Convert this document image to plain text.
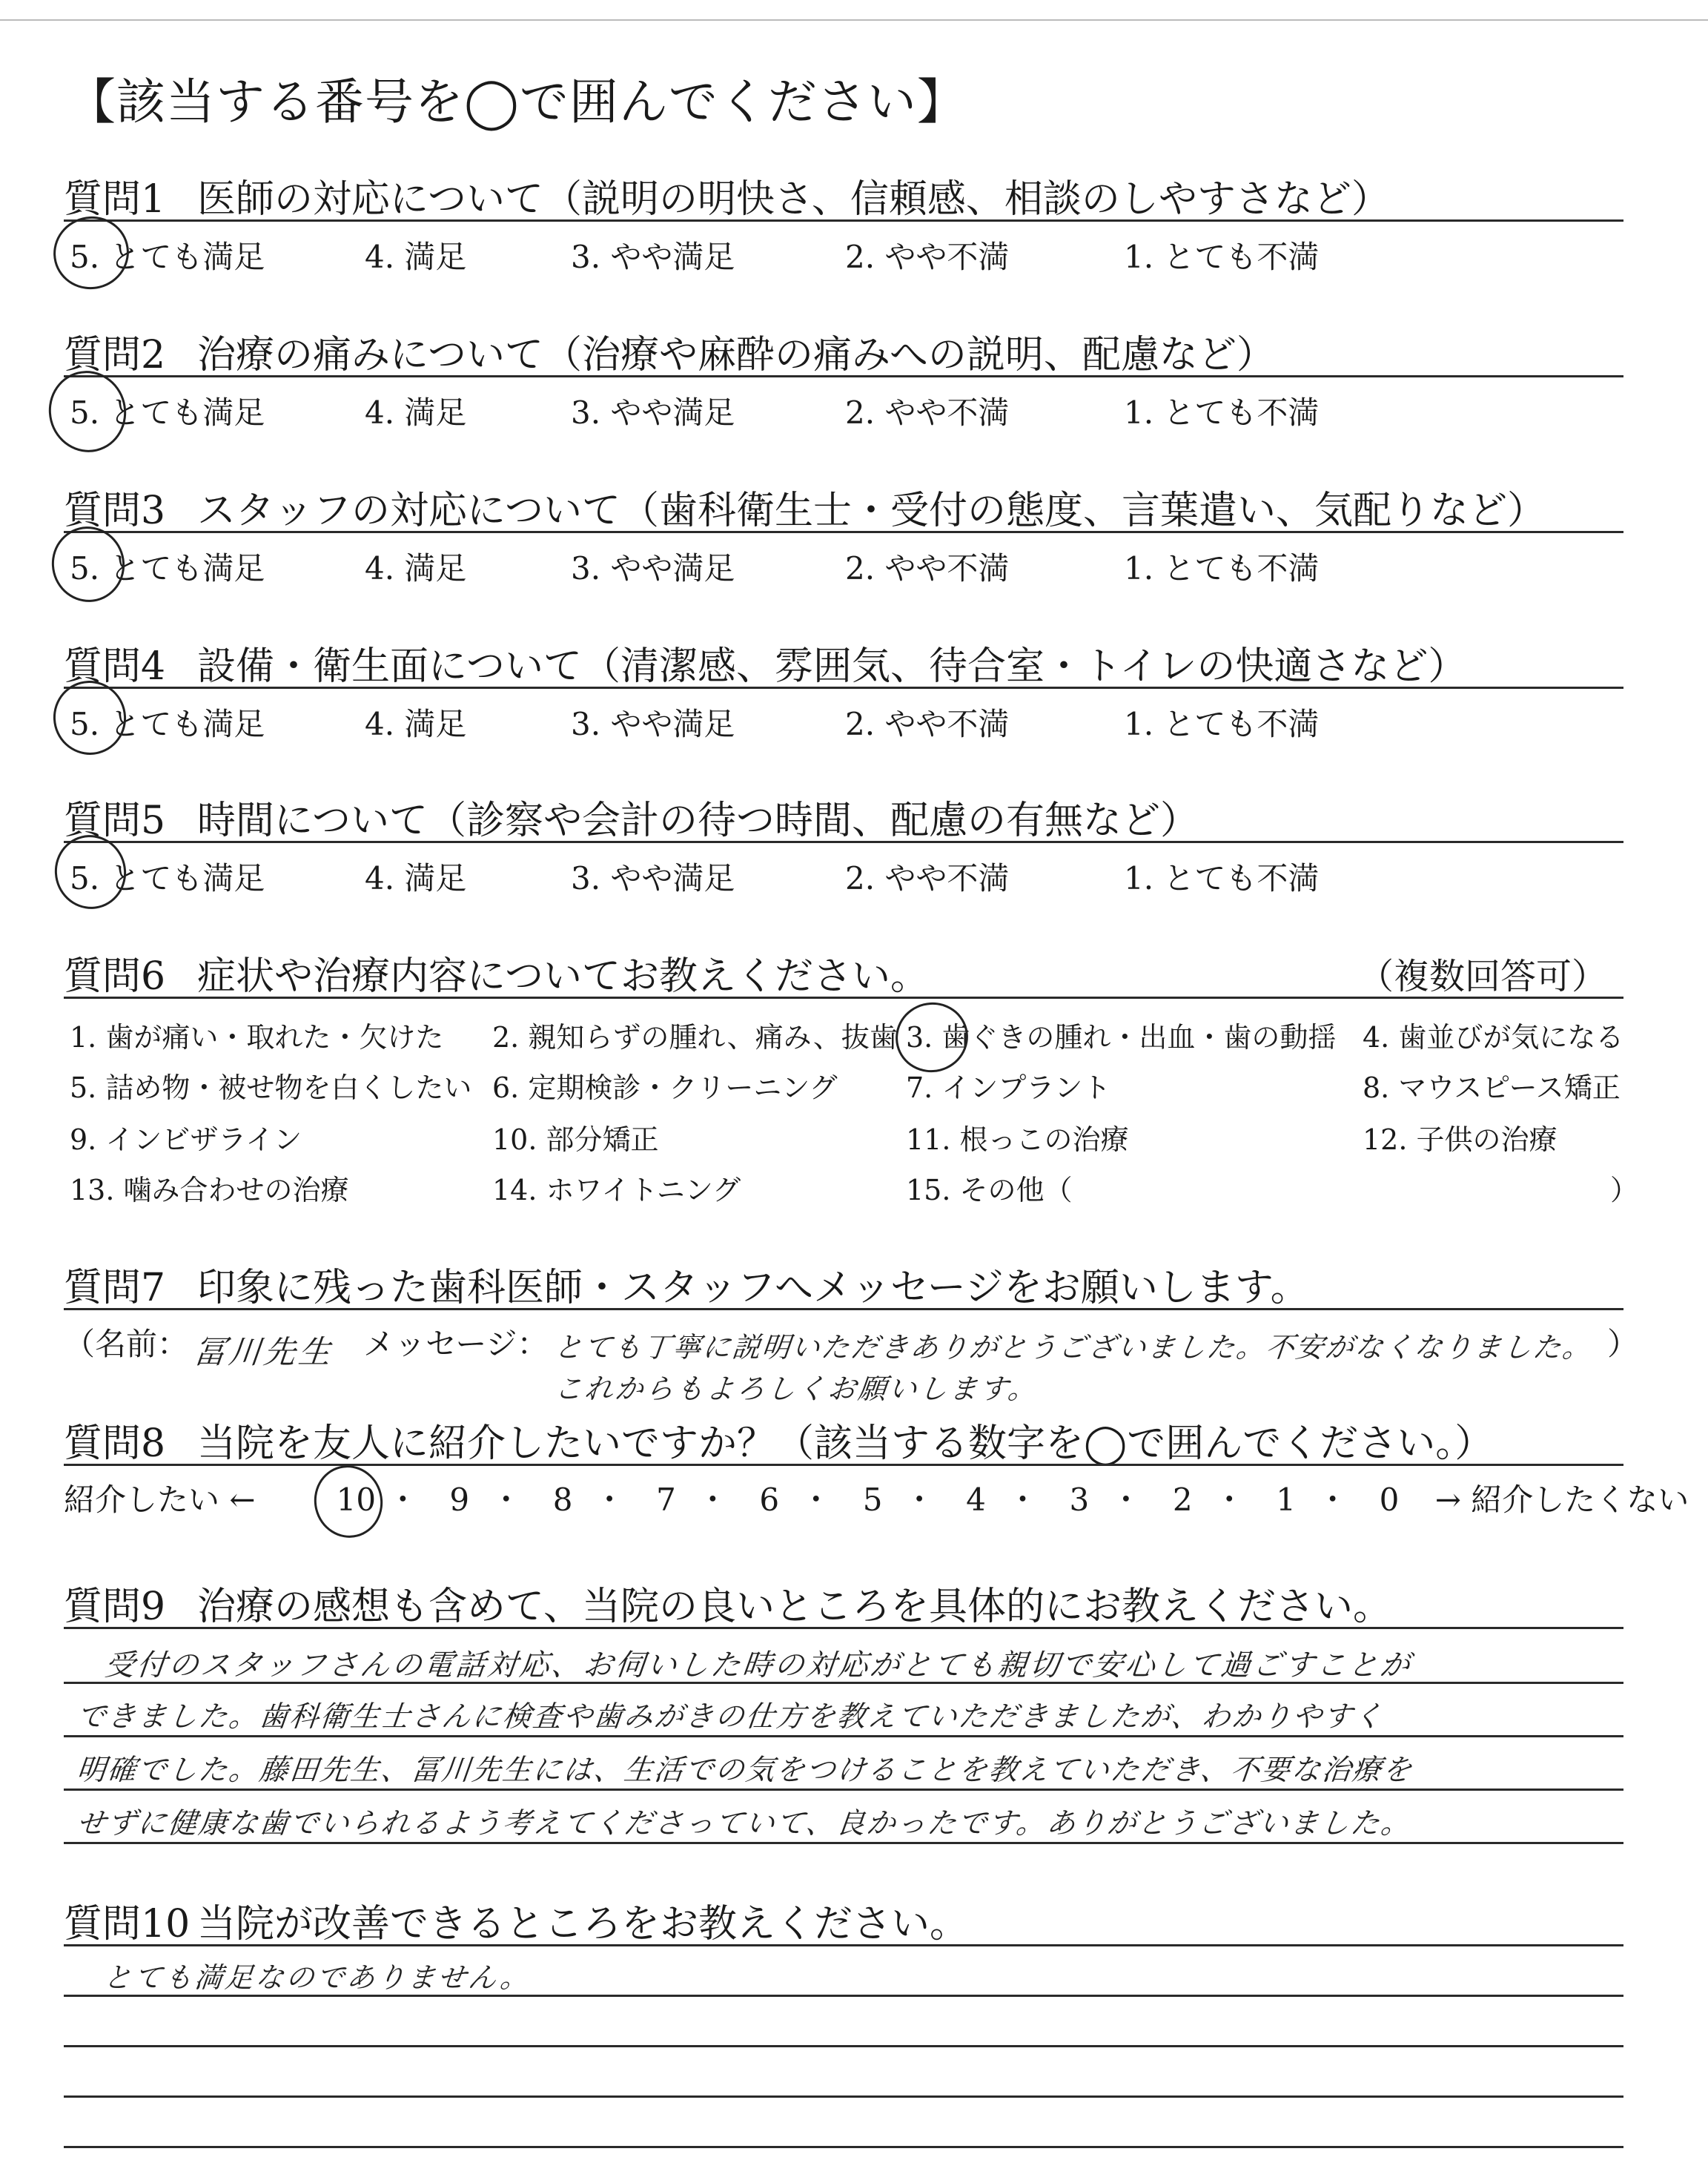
【該当する番号を◯で囲んでください】
質問1 医師の対応について（説明の明快さ、信頼感、相談のしやすさなど）
5. とても満足	4. 満足	3. やや満足	2. やや不満	1. とても不満
質問2 治療の痛みについて（治療や麻酔の痛みへの説明、配慮など）
5. とても満足	4. 満足	3. やや満足	2. やや不満	1. とても不満
質問3 スタッフの対応について（歯科衛生士・受付の態度、言葉遣い、気配りなど）
5. とても満足	4. 満足	3. やや満足	2. やや不満	1. とても不満
質問4 設備・衛生面について（清潔感、雰囲気、待合室・トイレの快適さなど）
5. とても満足	4. 満足	3. やや満足	2. やや不満	1. とても不満
質問5 時間について（診察や会計の待つ時間、配慮の有無など）
5. とても満足	4. 満足	3. やや満足	2. やや不満	1. とても不満
質問6 症状や治療内容についてお教えください。	（複数回答可）
1. 歯が痛い・取れた・欠けた 2. 親知らずの腫れ、痛み、抜歯 3. 歯ぐきの腫れ・出血・歯の動揺 4. 歯並びが気になる
5. 詰め物・被せ物を白くしたい 6. 定期検診・クリーニング 7. インプラント	8. マウスピース矯正
9. インビザライン	10. 部分矯正	11. 根っこの治療	12. 子供の治療
13. 噛み合わせの治療	14. ホワイトニング	15. その他（	）
質問7 印象に残った歯科医師・スタッフへメッセージをお願いします。
（名前： 冨川先生 メッセージ： とても丁寧に説明いただきありがとうございました。不安がなくなりました。 ）
これからもよろしくお願いします。
質問8 当院を友人に紹介したいですか？（該当する数字を◯で囲んでください。）
紹介したい ←	10 ・ 9 ・ 8 ・ 7 ・ 6 ・ 5 ・ 4 ・ 3 ・ 2 ・ 1 ・ 0 → 紹介したくない
質問9 治療の感想も含めて、当院の良いところを具体的にお教えください。
受付のスタッフさんの電話対応、お伺いした時の対応がとても親切で安心して過ごすことが
できました。歯科衛生士さんに検査や歯みがきの仕方を教えていただきましたが、わかりやすく
明確でした。藤田先生、冨川先生には、生活での気をつけることを教えていただき、不要な治療を
せずに健康な歯でいられるよう考えてくださっていて、良かったです。ありがとうございました。
質問10 当院が改善できるところをお教えください。
とても満足なのでありません。
